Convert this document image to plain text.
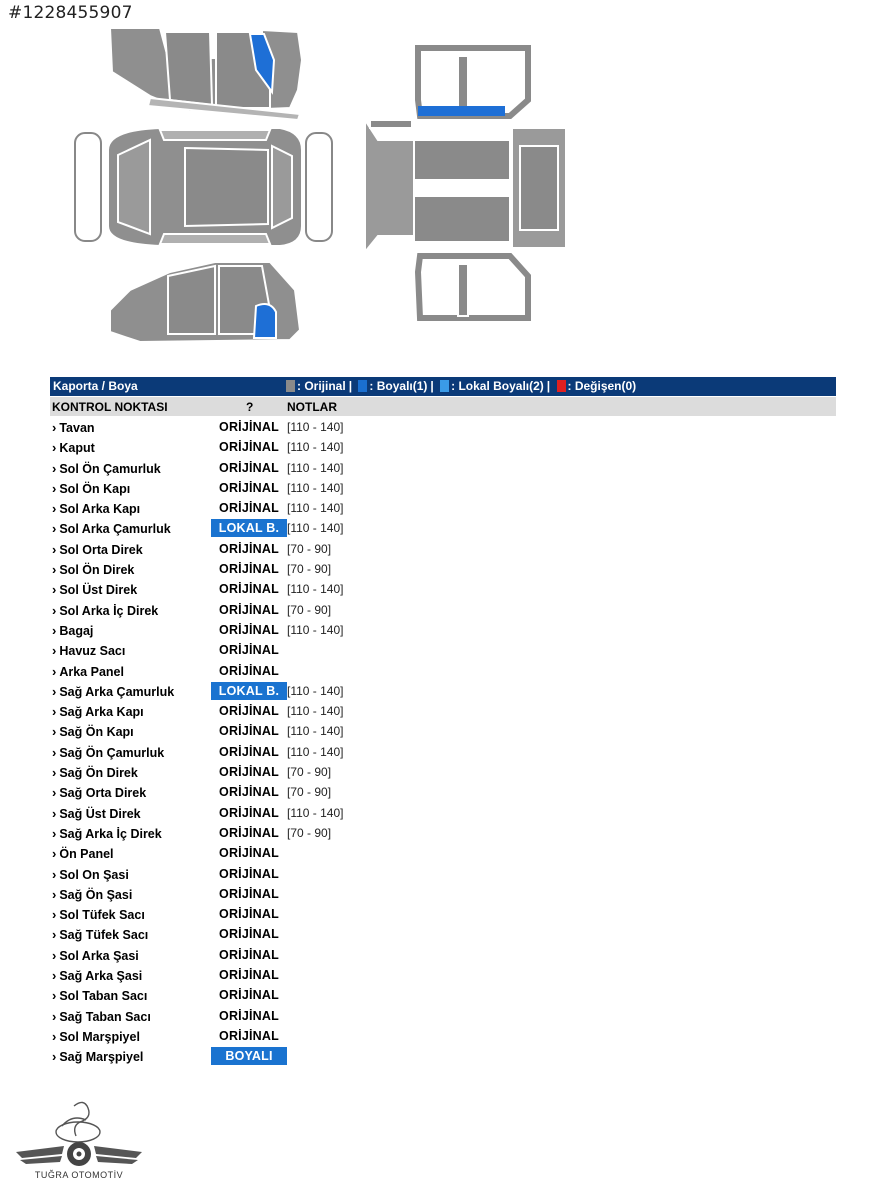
#1228455907
Kaporta / Boya	: Orijinal | : Boyalı(1) | : Lokal Boyalı(2) | : Değişen(0)
KONTROL NOKTASI	?	NOTLAR
› Tavan	ORİJİNAL [110 - 140]
› Kaput	ORİJİNAL [110 - 140]
› Sol Ön Çamurluk	ORİJİNAL [110 - 140]
› Sol Ön Kapı	ORİJİNAL [110 - 140]
› Sol Arka Kapı	ORİJİNAL [110 - 140]
› Sol Arka Çamurluk	LOKAL B. [110 - 140]
› Sol Orta Direk	ORİJİNAL [70 - 90]
› Sol Ön Direk	ORİJİNAL [70 - 90]
› Sol Üst Direk	ORİJİNAL [110 - 140]
› Sol Arka İç Direk	ORİJİNAL [70 - 90]
› Bagaj	ORİJİNAL [110 - 140]
› Havuz Sacı	ORİJİNAL
› Arka Panel	ORİJİNAL
› Sağ Arka Çamurluk	LOKAL B. [110 - 140]
› Sağ Arka Kapı	ORİJİNAL [110 - 140]
› Sağ Ön Kapı	ORİJİNAL [110 - 140]
› Sağ Ön Çamurluk	ORİJİNAL [110 - 140]
› Sağ Ön Direk	ORİJİNAL [70 - 90]
› Sağ Orta Direk	ORİJİNAL [70 - 90]
› Sağ Üst Direk	ORİJİNAL [110 - 140]
› Sağ Arka İç Direk	ORİJİNAL [70 - 90]
› Ön Panel	ORİJİNAL
› Sol On Şasi	ORİJİNAL
› Sağ Ön Şasi	ORİJİNAL
› Sol Tüfek Sacı	ORİJİNAL
› Sağ Tüfek Sacı	ORİJİNAL
› Sol Arka Şasi	ORİJİNAL
› Sağ Arka Şasi	ORİJİNAL
› Sol Taban Sacı	ORİJİNAL
› Sağ Taban Sacı	ORİJİNAL
› Sol Marşpiyel	ORİJİNAL
› Sağ Marşpiyel	BOYALI
TUĞRA OTOMOTİV
